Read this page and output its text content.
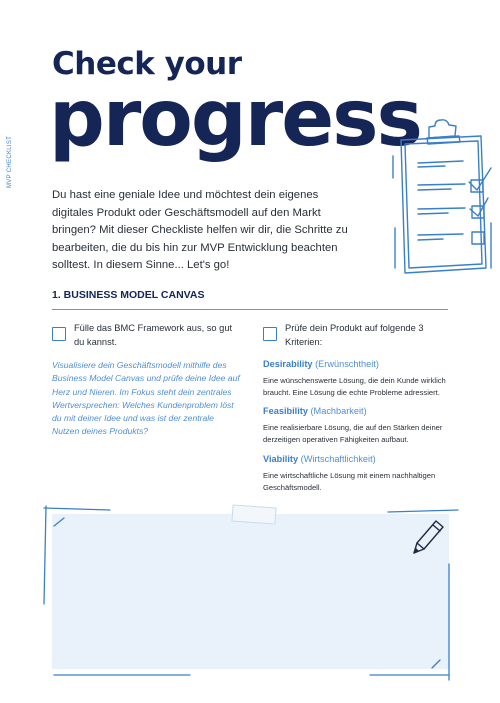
MVP CHECKLIST
Check your
progress
Du hast eine geniale Idee und möchtest dein eigenes digitales Produkt oder Geschäftsmodell auf den Markt bringen? Mit dieser Checkliste helfen wir dir, die Schritte zu bearbeiten, die du bis hin zur MVP Entwicklung beachten solltest. In diesem Sinne... Let's go!
1. BUSINESS MODEL CANVAS
Fülle das BMC Framework aus, so gut du kannst.
Visualisiere dein Geschäftsmodell mithilfe des Business Model Canvas und prüfe deine Idee auf Herz und Nieren. Im Fokus steht dein zentrales Wertversprechen: Welches Kundenproblem löst du mit deiner Idee und was ist der zentrale Nutzen deines Produkts?
Prüfe dein Produkt auf folgende 3 Kriterien:
Desirability (Erwünschtheit)
Eine wünschenswerte Lösung, die dein Kunde wirklich braucht. Eine Lösung die echte Probleme adressiert.
Feasibility (Machbarkeit)
Eine realisierbare Lösung, die auf den Stärken deiner derzeitigen operativen Fähigkeiten aufbaut.
Viability (Wirtschaftlichkeit)
Eine wirtschaftliche Lösung mit einem nachhaltigen Geschäftsmodell.
